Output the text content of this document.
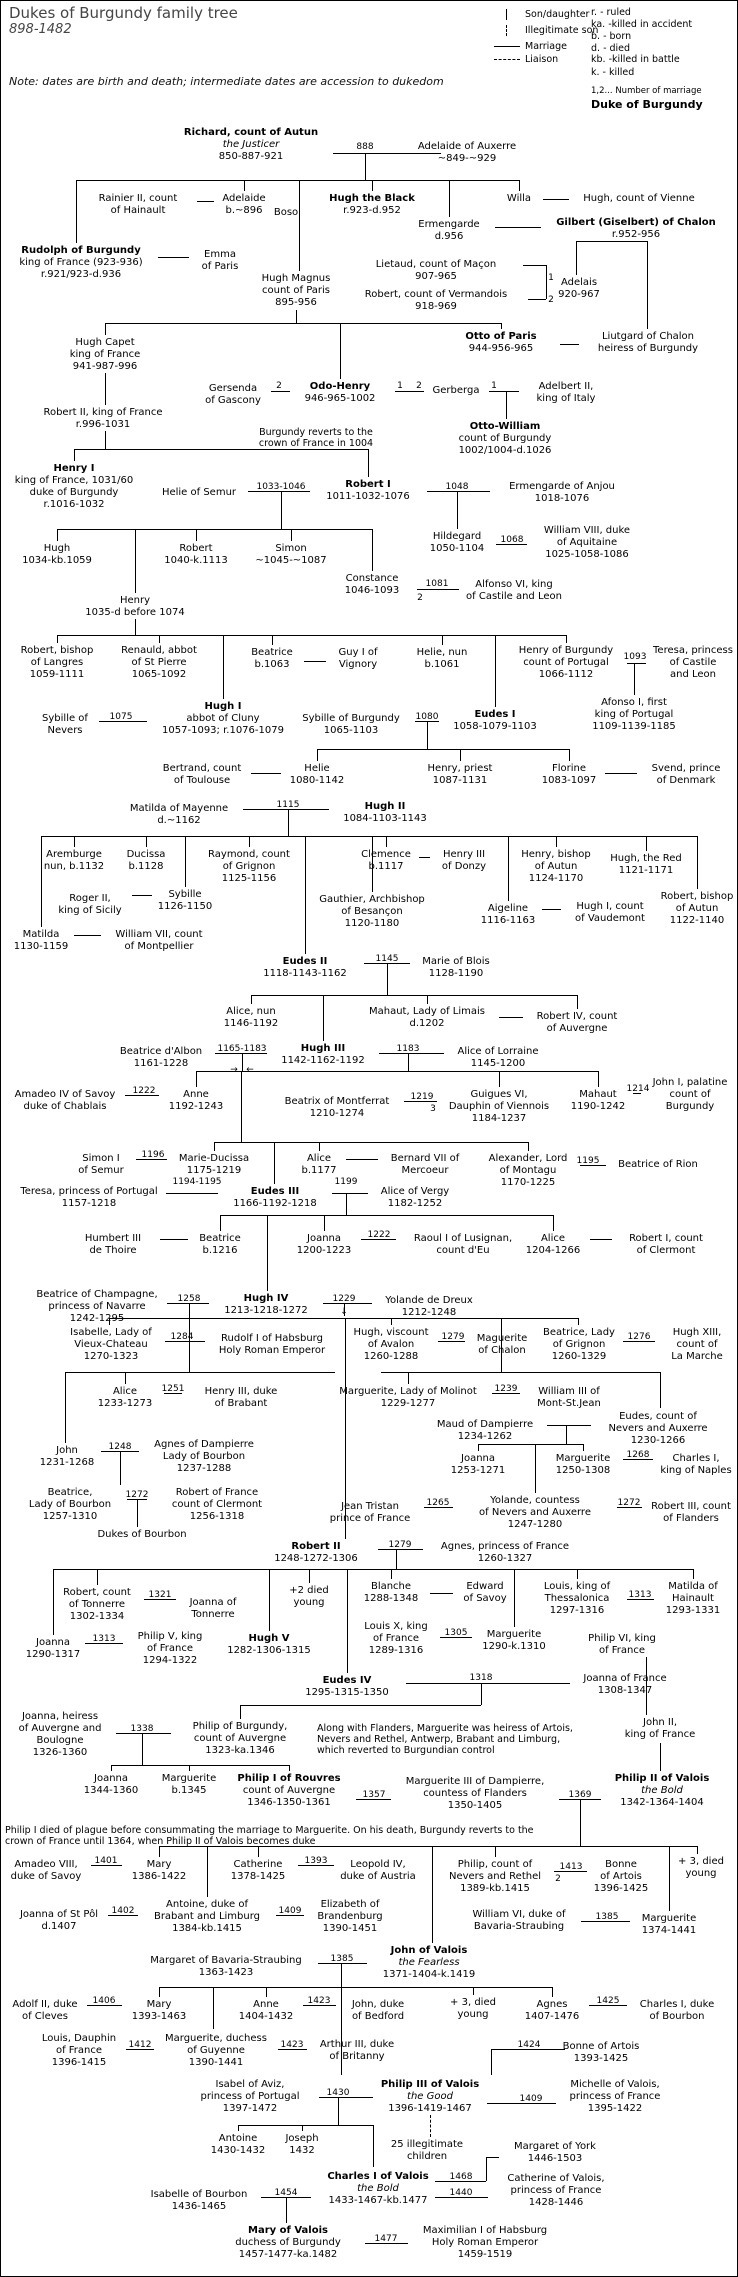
Dukes of Burgundy family tree
898-1482
Note: dates are birth and death; intermediate dates are accession to dukedom
Son/daughter
Illegitimate son
Marriage
Liaison
r. - ruled
ka. -killed in accident
b. - born
d. - died
kb. -killed in battle
k. - killed
1,2... Number of marriage
Duke of Burgundy
Richard, count of Autun
the Justicer
850-887-921
Adelaide of Auxerre
~849-~929
Rainier II, count
of Hainault
Adelaide
b.~896	Boso
Hugh the Black
r.923-d.952
Willa	Hugh, count of Vienne
Ermengarde
d.956
Gilbert (Giselbert) of Chalon
r.952-956
Rudolph of Burgundy
king of France (923-936)
r.921/923-d.936
Emma
of Paris
Hugh Magnus
count of Paris
895-956
Lietaud, count of Maçon
907-965
Robert, count of Vermandois
918-969
Adelais
920-967
Otto of Paris
944-956-965
Liutgard of Chalon
heiress of Burgundy
Hugh Capet
king of France
941-987-996
Gersenda
of Gascony
Odo-Henry
946-965-1002
Gerberga	Adelbert II,
king of Italy
Robert II, king of France
r.996-1031
Burgundy reverts to the
crown of France in 1004
Otto-William
count of Burgundy
1002/1004-d.1026
Henry I
king of France, 1031/60
duke of Burgundy
r.1016-1032
Helie of Semur
Robert I
1011-1032-1076
Ermengarde of Anjou
1018-1076
Hildegard
1050-1104
William VIII, duke
of Aquitaine
1025-1058-1086
Hugh
1034-kb.1059
Robert
1040-k.1113
Simon
~1045-~1087
Constance
1046-1093
Alfonso VI, king
of Castile and Leon
Henry
1035-d before 1074
Robert, bishop
of Langres
1059-1111
Renauld, abbot
of St Pierre
1065-1092
Beatrice
b.1063
Guy I of
Vignory
Helie, nun
b.1061
Henry of Burgundy
count of Portugal
1066-1112
Teresa, princess
of Castile
and Leon
Afonso I, first
king of Portugal
1109-1139-1185
Sybille of
Nevers
Hugh I
abbot of Cluny
1057-1093; r.1076-1079
Sybille of Burgundy
1065-1103
Eudes I
1058-1079-1103
Bertrand, count
of Toulouse
Helie
1080-1142
Henry, priest
1087-1131
Florine
1083-1097
Svend, prince
of Denmark
Matilda of Mayenne
d.~1162
Hugh II
1084-1103-1143
Aremburge
nun, b.1132
Ducissa
b.1128
Raymond, count
of Grignon
1125-1156
Clemence
b.1117
Henry III
of Donzy
Henry, bishop
of Autun
1124-1170
Hugh, the Red
1121-1171
Roger II,
king of Sicily
Sybille
1126-1150
Gauthier, Archbishop
of Besançon
1120-1180
Aigeline
1116-1163
Hugh I, count
of Vaudemont
Robert, bishop
of Autun
1122-1140
Matilda
1130-1159
William VII, count
of Montpellier
Eudes II
1118-1143-1162
Marie of Blois
1128-1190
Alice, nun
1146-1192
Mahaut, Lady of Limais
d.1202
Robert IV, count
of Auvergne
Beatrice d'Albon
1161-1228
Hugh III
1142-1162-1192
Alice of Lorraine
1145-1200
John I, palatine
count of
Burgundy
Amadeo IV of Savoy
duke of Chablais
Anne
1192-1243	Beatrix of Montferrat
1210-1274
Guigues VI,
Dauphin of Viennois
1184-1237
Mahaut
1190-1242
Simon I
of Semur
Marie-Ducissa
1175-1219
Alice
b.1177
Bernard VII of
Mercoeur
Alexander, Lord
of Montagu
1170-1225
Beatrice of Rion
Teresa, princess of Portugal
1157-1218
Eudes III
1166-1192-1218
Alice of Vergy
1182-1252
Humbert III
de Thoire
Beatrice
b.1216
Joanna
1200-1223
Raoul I of Lusignan,
count d'Eu
Alice
1204-1266
Robert I, count
of Clermont
Beatrice of Champagne,
princess of Navarre
1242-1295
Hugh IV
1213-1218-1272
Yolande de Dreux
1212-1248
Isabelle, Lady of
Vieux-Chateau
1270-1323
Rudolf I of Habsburg
Holy Roman Emperor
Hugh, viscount
of Avalon
1260-1288
Maguerite
of Chalon
Beatrice, Lady
of Grignon
1260-1329
Hugh XIII,
count of
La Marche
Alice
1233-1273
Henry III, duke
of Brabant
Marguerite, Lady of Molinot
1229-1277
William III of
Mont-St.Jean
Maud of Dampierre
1234-1262
Eudes, count of
Nevers and Auxerre
1230-1266
John
1231-1268
Agnes of Dampierre
Lady of Bourbon
1237-1288
Joanna
1253-1271
Marguerite
1250-1308
Charles I,
king of Naples
Beatrice,
Lady of Bourbon
1257-1310
Robert of France
count of Clermont
1256-1318
Dukes of Bourbon
Jean Tristan
prince of France
Yolande, countess
of Nevers and Auxerre
1247-1280
Robert III, count
of Flanders
Robert II
1248-1272-1306
Agnes, princess of France
1260-1327
Robert, count
of Tonnerre
1302-1334
Joanna of
Tonnerre
+2 died
young
Blanche
1288-1348
Edward
of Savoy
Louis, king of
Thessalonica
1297-1316
Matilda of
Hainault
1293-1331
Joanna
1290-1317
Philip V, king
of France
1294-1322
Hugh V
1282-1306-1315
Louis X, king
of France
1289-1316
Marguerite
1290-k.1310
Philip VI, king
of France
Eudes IV
1295-1315-1350
Joanna of France
1308-1347
Joanna, heiress
of Auvergne and
Boulogne
1326-1360
Philip of Burgundy,
count of Auvergne
1323-ka.1346
Along with Flanders, Marguerite was heiress of Artois,
Nevers and Rethel, Antwerp, Brabant and Limburg,
which reverted to Burgundian control
John II,
king of France
Joanna
1344-1360
Marguerite
b.1345
Philip I of Rouvres
count of Auvergne
1346-1350-1361
Marguerite III of Dampierre,
countess of Flanders
1350-1405
Philip II of Valois
the Bold
1342-1364-1404
Philip I died of plague before consummating the marriage to Marguerite. On his death, Burgundy reverts to the
crown of France until 1364, when Philip II of Valois becomes duke
Amadeo VIII,
duke of Savoy
Mary
1386-1422
Catherine
1378-1425
Leopold IV,
duke of Austria
Philip, count of
Nevers and Rethel
1389-kb.1415
Bonne
of Artois
1396-1425
+ 3, died
young
Joanna of St Pôl
d.1407
Antoine, duke of
Brabant and Limburg
1384-kb.1415
Elizabeth of
Brandenburg
1390-1451
William VI, duke of
Bavaria-Straubing
Marguerite
1374-1441
Margaret of Bavaria-Straubing
1363-1423
John of Valois
the Fearless
1371-1404-k.1419
Adolf II, duke
of Cleves
Mary
1393-1463
Anne
1404-1432
John, duke
of Bedford
+ 3, died
young
Agnes
1407-1476
Charles I, duke
of Bourbon
Louis, Dauphin
of France
1396-1415
Marguerite, duchess
of Guyenne
1390-1441
Arthur III, duke
of Britanny
Bonne of Artois
1393-1425
Isabel of Aviz,
princess of Portugal
1397-1472
Philip III of Valois
the Good
1396-1419-1467
Michelle of Valois,
princess of France
1395-1422
Antoine
1430-1432
Joseph
1432
25 illegitimate
children
Margaret of York
1446-1503
Charles I of Valois
the Bold
1433-1467-kb.1477
Catherine of Valois,
princess of France
1428-1446
Isabelle of Bourbon
1436-1465
Mary of Valois
duchess of Burgundy
1457-1477-ka.1482
Maximilian I of Habsburg
Holy Roman Emperor
1459-1519
888
1
2
2	1 2	1
1033-1046	1048
1068
1081
2
1093
1075	1080
1115
1145
1165-1183	1183
→ ←
1222
1219
3
1214
1196
1195
1194-1195	1199
1222
1258	1229
↓
1284	1279	1276
1251	1239
1248
1268
1272
1265	1272
1279
1321	1313
1305
1313
1318
1338
1357	1369
1401	1393
1413
2
1402	1409
1385
1385
1406	1423	1425
1412	1423	1424
1430
1409
1468
1440
1454
1477
